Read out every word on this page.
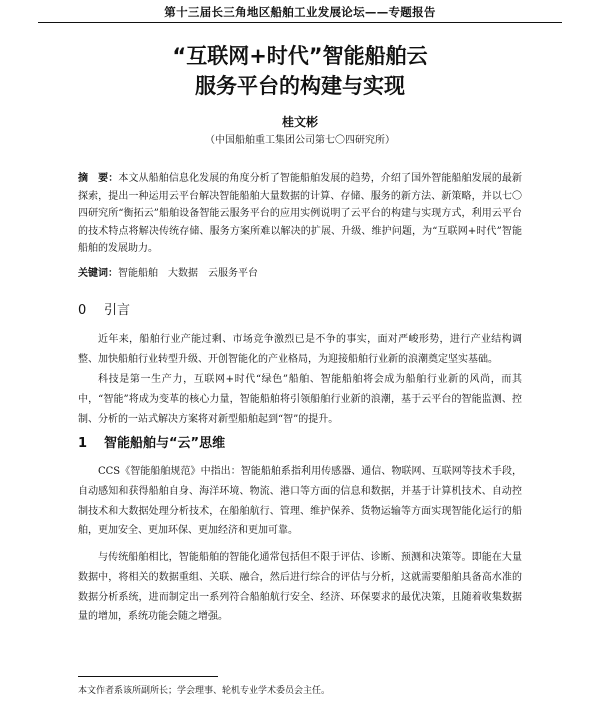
第十三届长三角地区船舶工业发展论坛——专题报告
“互联网+时代”智能船舶云
服务平台的构建与实现
桂文彬
（中国船舶重工集团公司第七〇四研究所）
摘　要：本文从船舶信息化发展的角度分析了智能船舶发展的趋势，介绍了国外智能船舶发展的最新探索，提出一种运用云平台解决智能船舶大量数据的计算、存储、服务的新方法、新策略，并以七〇四研究所“衡拓云”船舶设备智能云服务平台的应用实例说明了云平台的构建与实现方式，利用云平台的技术特点将解决传统存储、服务方案所难以解决的扩展、升级、维护问题，为“互联网+时代”智能船舶的发展助力。
关键词：智能船舶 大数据 云服务平台
0 引言
近年来，船舶行业产能过剩、市场竞争激烈已是不争的事实，面对严峻形势，进行产业结构调整、加快船舶行业转型升级、开创智能化的产业格局，为迎接船舶行业新的浪潮奠定坚实基础。
科技是第一生产力，互联网+时代“绿色”船舶、智能船舶将会成为船舶行业新的风尚，而其中，“智能”将成为变革的核心力量，智能船舶将引领船舶行业新的浪潮，基于云平台的智能监测、控制、分析的一站式解决方案将对新型船舶起到“智”的提升。
1 智能船舶与“云”思维
CCS《智能船舶规范》中指出：智能船舶系指利用传感器、通信、物联网、互联网等技术手段，自动感知和获得船舶自身、海洋环境、物流、港口等方面的信息和数据，并基于计算机技术、自动控制技术和大数据处理分析技术，在船舶航行、管理、维护保养、货物运输等方面实现智能化运行的船舶，更加安全、更加环保、更加经济和更加可靠。
与传统船舶相比，智能船舶的智能化通常包括但不限于评估、诊断、预测和决策等。即能在大量数据中，将相关的数据重组、关联、融合，然后进行综合的评估与分析，这就需要船舶具备高水准的数据分析系统，进而制定出一系列符合船舶航行安全、经济、环保要求的最优决策，且随着收集数据量的增加，系统功能会随之增强。
本文作者系该所副所长；学会理事、轮机专业学术委员会主任。
